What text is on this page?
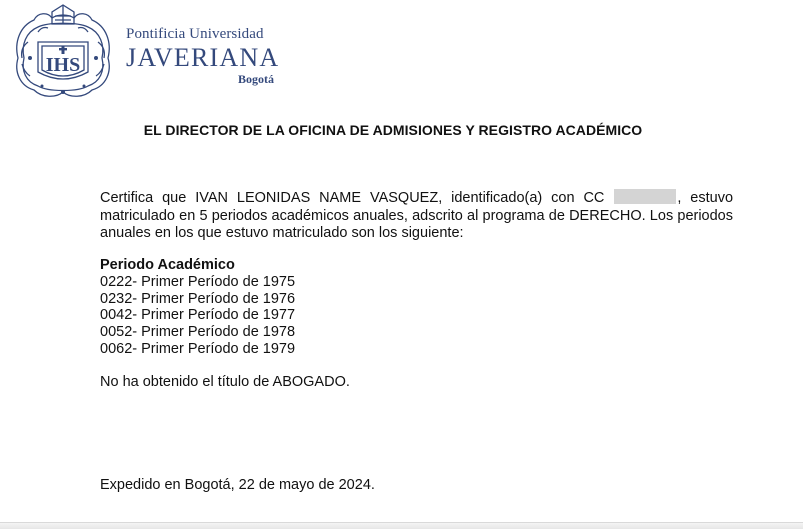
IHS
Pontificia Universidad
JAVERIANA
Bogotá
EL DIRECTOR DE LA OFICINA DE ADMISIONES Y REGISTRO ACADÉMICO
Certifica que IVAN LEONIDAS NAME VASQUEZ, identificado(a) con CC	, estuvo matriculado en 5 periodos académicos anuales, adscrito al programa de DERECHO. Los periodos anuales en los que estuvo matriculado son los siguiente:
Periodo Académico
0222- Primer Período de 1975
0232- Primer Período de 1976
0042- Primer Período de 1977
0052- Primer Período de 1978
0062- Primer Período de 1979
No ha obtenido el título de ABOGADO.
Expedido en Bogotá, 22 de mayo de 2024.
